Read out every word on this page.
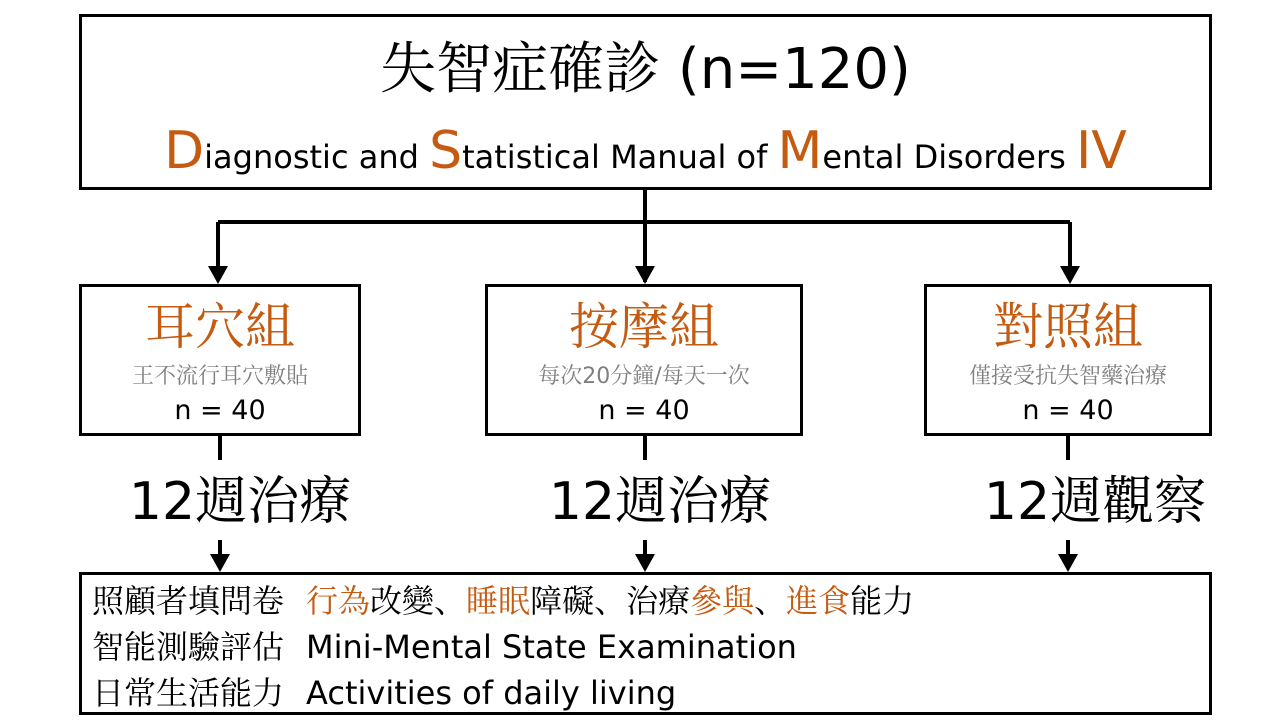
失智症確診 (n=120)
Diagnostic and Statistical Manual of Mental Disorders IV
耳穴組
王不流行耳穴敷貼
n = 40
按摩組
每次20分鐘/每天一次
n = 40
對照組
僅接受抗失智藥治療
n = 40
12週治療	12週治療	12週觀察
照顧者填問卷 行為改變、睡眠障礙、治療參與、進食能力
智能測驗評估 Mini-Mental State Examination
日常生活能力 Activities of daily living
